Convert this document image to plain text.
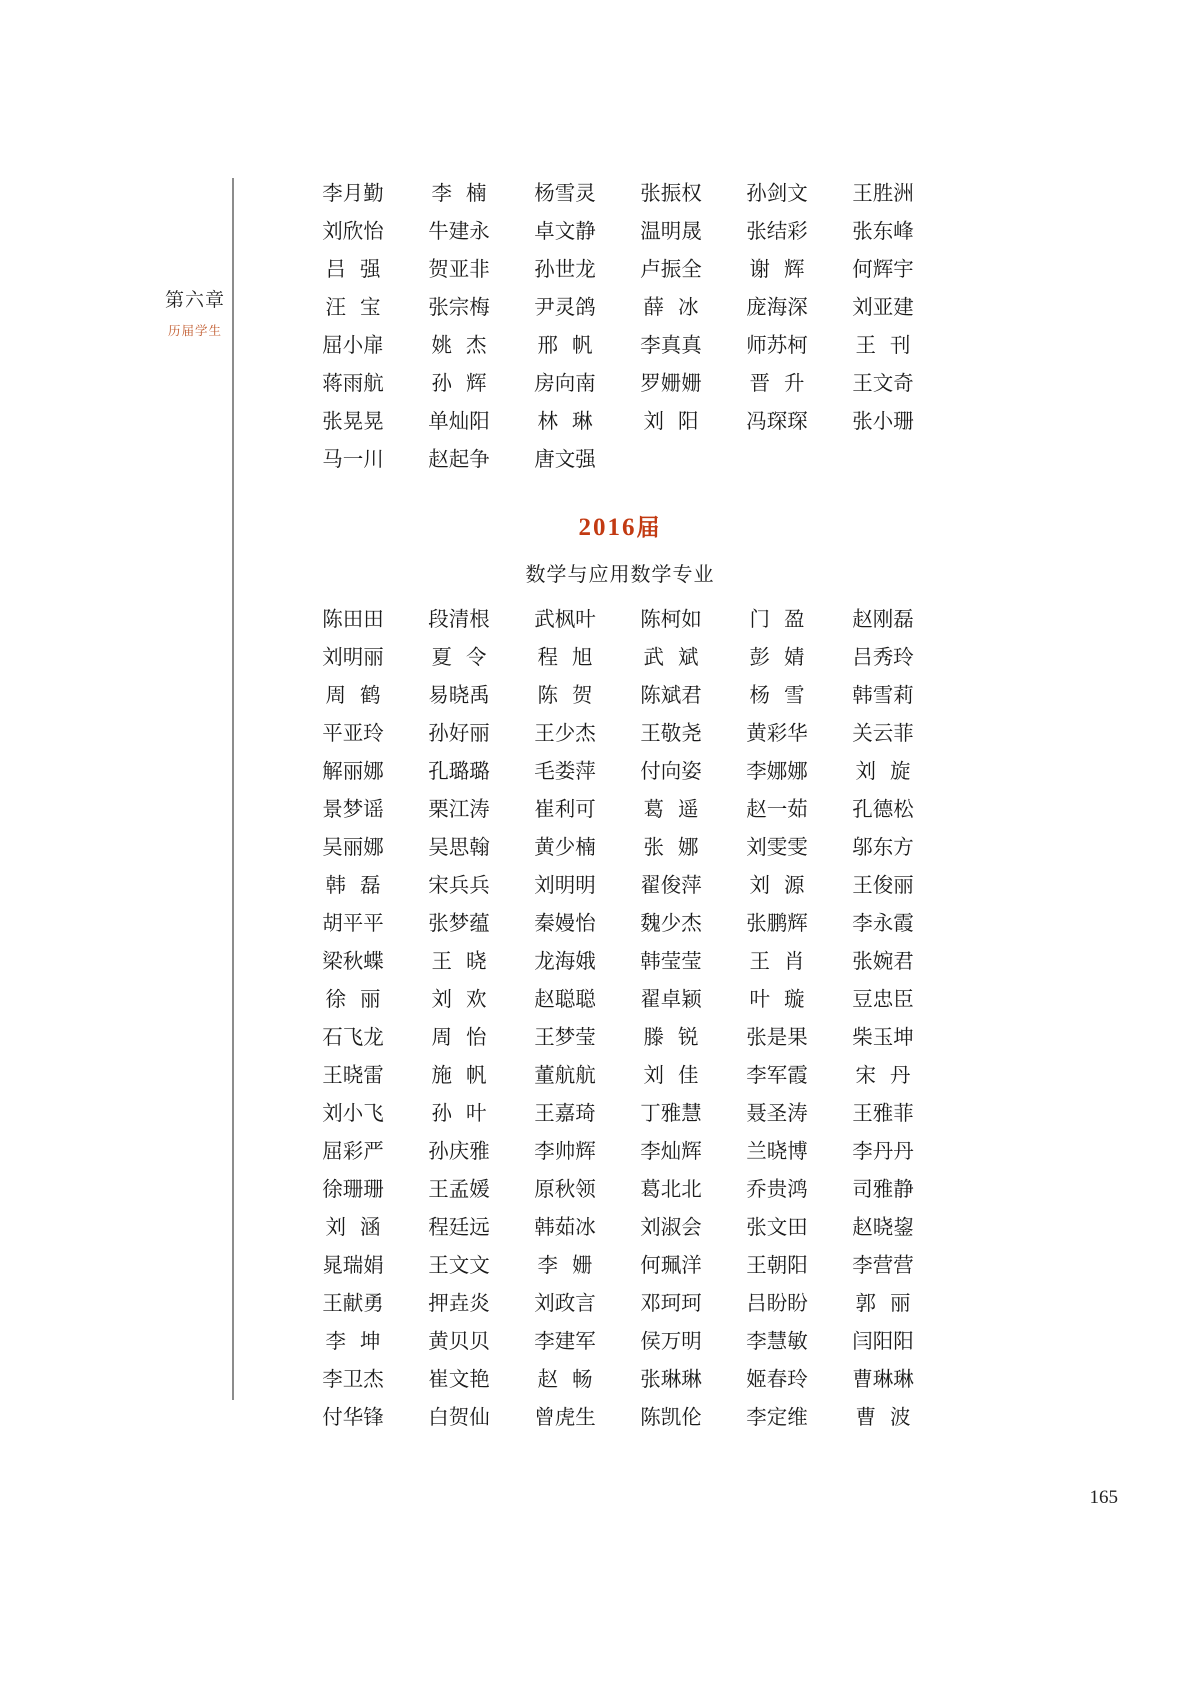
第六章
历届学生
李月勤	李 楠	杨雪灵	张振权	孙剑文	王胜洲
刘欣怡	牛建永	卓文静	温明晟	张结彩	张东峰
吕 强	贺亚非	孙世龙	卢振全	谢 辉	何辉宇
汪 宝	张宗梅	尹灵鸽	薛 冰	庞海深	刘亚建
屈小扉	姚 杰	邢 帆	李真真	师苏柯	王 刊
蒋雨航	孙 辉	房向南	罗姗姗	晋 升	王文奇
张晃晃	单灿阳	林 琳	刘 阳	冯琛琛	张小珊
马一川	赵起争	唐文强
2016届
数学与应用数学专业
陈田田	段清根	武枫叶	陈柯如	门 盈	赵刚磊
刘明丽	夏 令	程 旭	武 斌	彭 婧	吕秀玲
周 鹤	易晓禹	陈 贺	陈斌君	杨 雪	韩雪莉
平亚玲	孙好丽	王少杰	王敬尧	黄彩华	关云菲
解丽娜	孔璐璐	毛娄萍	付向姿	李娜娜	刘 旋
景梦谣	栗江涛	崔利可	葛 遥	赵一茹	孔德松
吴丽娜	吴思翰	黄少楠	张 娜	刘雯雯	邬东方
韩 磊	宋兵兵	刘明明	翟俊萍	刘 源	王俊丽
胡平平	张梦蕴	秦嫚怡	魏少杰	张鹏辉	李永霞
梁秋蝶	王 晓	龙海娥	韩莹莹	王 肖	张婉君
徐 丽	刘 欢	赵聪聪	翟卓颖	叶 璇	豆忠臣
石飞龙	周 怡	王梦莹	滕 锐	张是果	柴玉坤
王晓雷	施 帆	董航航	刘 佳	李军霞	宋 丹
刘小飞	孙 叶	王嘉琦	丁雅慧	聂圣涛	王雅菲
屈彩严	孙庆雅	李帅辉	李灿辉	兰晓博	李丹丹
徐珊珊	王孟媛	原秋领	葛北北	乔贵鸿	司雅静
刘 涵	程廷远	韩茹冰	刘淑会	张文田	赵晓鋆
晁瑞娟	王文文	李 姗	何珮洋	王朝阳	李营营
王献勇	押垚炎	刘政言	邓珂珂	吕盼盼	郭 丽
李 坤	黄贝贝	李建军	侯万明	李慧敏	闫阳阳
李卫杰	崔文艳	赵 畅	张琳琳	姬春玲	曹琳琳
付华锋	白贺仙	曾虎生	陈凯伦	李定维	曹 波
165
